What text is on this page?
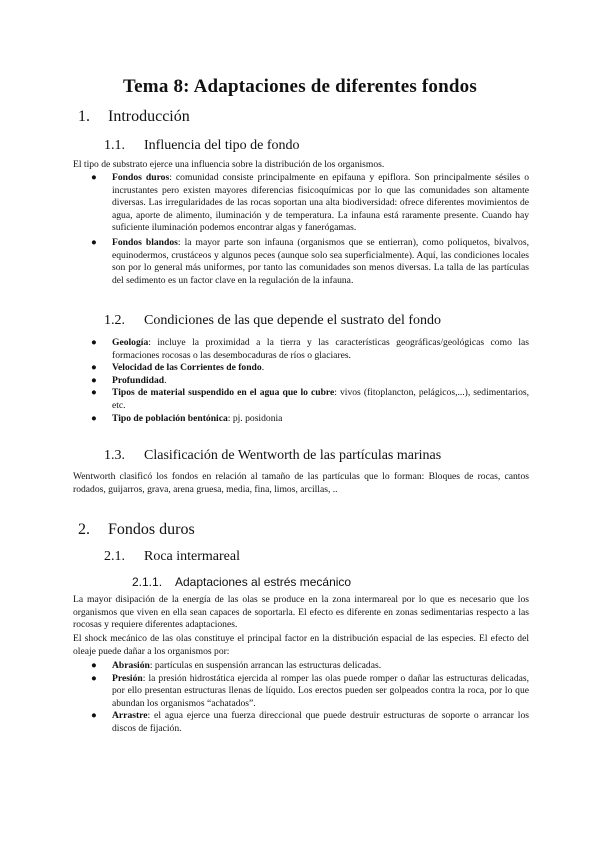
Tema 8: Adaptaciones de diferentes fondos
1. Introducción
1.1. Influencia del tipo de fondo
El tipo de substrato ejerce una influencia sobre la distribución de los organismos.
● Fondos duros: comunidad consiste principalmente en epifauna y epiflora. Son principalmente sésiles o incrustantes pero existen mayores diferencias fisicoquímicas por lo que las comunidades son altamente diversas. Las irregularidades de las rocas soportan una alta biodiversidad: ofrece diferentes movimientos de agua, aporte de alimento, iluminación y de temperatura. La infauna está raramente presente. Cuando hay suficiente iluminación podemos encontrar algas y fanerógamas.
● Fondos blandos: la mayor parte son infauna (organismos que se entierran), como poliquetos, bivalvos, equinodermos, crustáceos y algunos peces (aunque solo sea superficialmente). Aquí, las condiciones locales son por lo general más uniformes, por tanto las comunidades son menos diversas. La talla de las partículas del sedimento es un factor clave en la regulación de la infauna.
1.2. Condiciones de las que depende el sustrato del fondo
● Geología: incluye la proximidad a la tierra y las características geográficas/geológicas como las formaciones rocosas o las desembocaduras de ríos o glaciares.
● Velocidad de las Corrientes de fondo.
● Profundidad.
● Tipos de material suspendido en el agua que lo cubre: vivos (fitoplancton, pelágicos,...), sedimentarios, etc.
● Tipo de población bentónica: pj. posidonia
1.3. Clasificación de Wentworth de las partículas marinas
Wentworth clasificó los fondos en relación al tamaño de las partículas que lo forman: Bloques de rocas, cantos rodados, guijarros, grava, arena gruesa, media, fina, limos, arcillas, ..
2. Fondos duros
2.1. Roca intermareal
2.1.1. Adaptaciones al estrés mecánico
La mayor disipación de la energía de las olas se produce en la zona intermareal por lo que es necesario que los organismos que viven en ella sean capaces de soportarla. El efecto es diferente en zonas sedimentarias respecto a las rocosas y requiere diferentes adaptaciones.
El shock mecánico de las olas constituye el principal factor en la distribución espacial de las especies. El efecto del oleaje puede dañar a los organismos por:
● Abrasión: partículas en suspensión arrancan las estructuras delicadas.
● Presión: la presión hidrostática ejercida al romper las olas puede romper o dañar las estructuras delicadas, por ello presentan estructuras llenas de líquido. Los erectos pueden ser golpeados contra la roca, por lo que abundan los organismos “achatados”.
● Arrastre: el agua ejerce una fuerza direccional que puede destruir estructuras de soporte o arrancar los discos de fijación.
